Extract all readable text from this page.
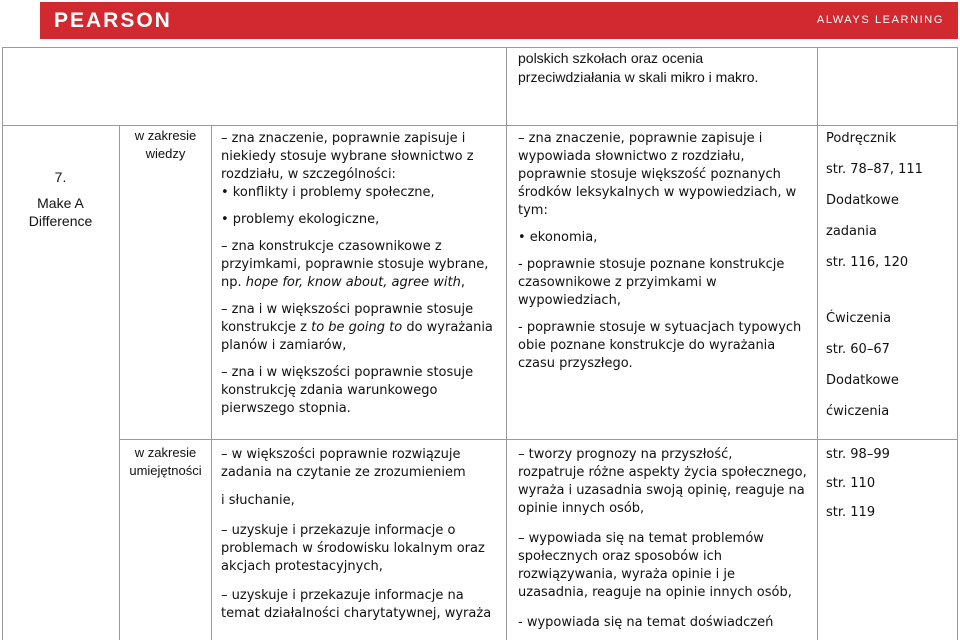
PEARSON	ALWAYS LEARNING

polskich szkołach oraz ocenia

przeciwdziałania w skali mikro i makro.

7.

Make A

Difference

w zakresie

wiedzy

– zna znaczenie, poprawnie zapisuje i

niekiedy stosuje wybrane słownictwo z

rozdziału, w szczególności:

• konflikty i problemy społeczne,

• problemy ekologiczne,

– zna konstrukcje czasownikowe z

przyimkami, poprawnie stosuje wybrane,

np. hope for, know about, agree with,

– zna i w większości poprawnie stosuje

konstrukcje z to be going to do wyrażania

planów i zamiarów,

– zna i w większości poprawnie stosuje

konstrukcję zdania warunkowego

pierwszego stopnia.

– zna znaczenie, poprawnie zapisuje i

wypowiada słownictwo z rozdziału,

poprawnie stosuje większość poznanych

środków leksykalnych w wypowiedziach, w

tym:

• ekonomia,

- poprawnie stosuje poznane konstrukcje

czasownikowe z przyimkami w

wypowiedziach,

- poprawnie stosuje w sytuacjach typowych

obie poznane konstrukcje do wyrażania

czasu przyszłego.

Podręcznik

str. 78–87, 111

Dodatkowe

zadania

str. 116, 120

Ćwiczenia

str. 60–67

Dodatkowe

ćwiczenia

w zakresie

umiejętności

– w większości poprawnie rozwiązuje

zadania na czytanie ze zrozumieniem

i słuchanie,

– uzyskuje i przekazuje informacje o

problemach w środowisku lokalnym oraz

akcjach protestacyjnych,

– uzyskuje i przekazuje informacje na

temat działalności charytatywnej, wyraża

– tworzy prognozy na przyszłość,

rozpatruje różne aspekty życia społecznego,

wyraża i uzasadnia swoją opinię, reaguje na

opinie innych osób,

– wypowiada się na temat problemów

społecznych oraz sposobów ich

rozwiązywania, wyraża opinie i je

uzasadnia, reaguje na opinie innych osób,

- wypowiada się na temat doświadczeń

str. 98–99

str. 110

str. 119
